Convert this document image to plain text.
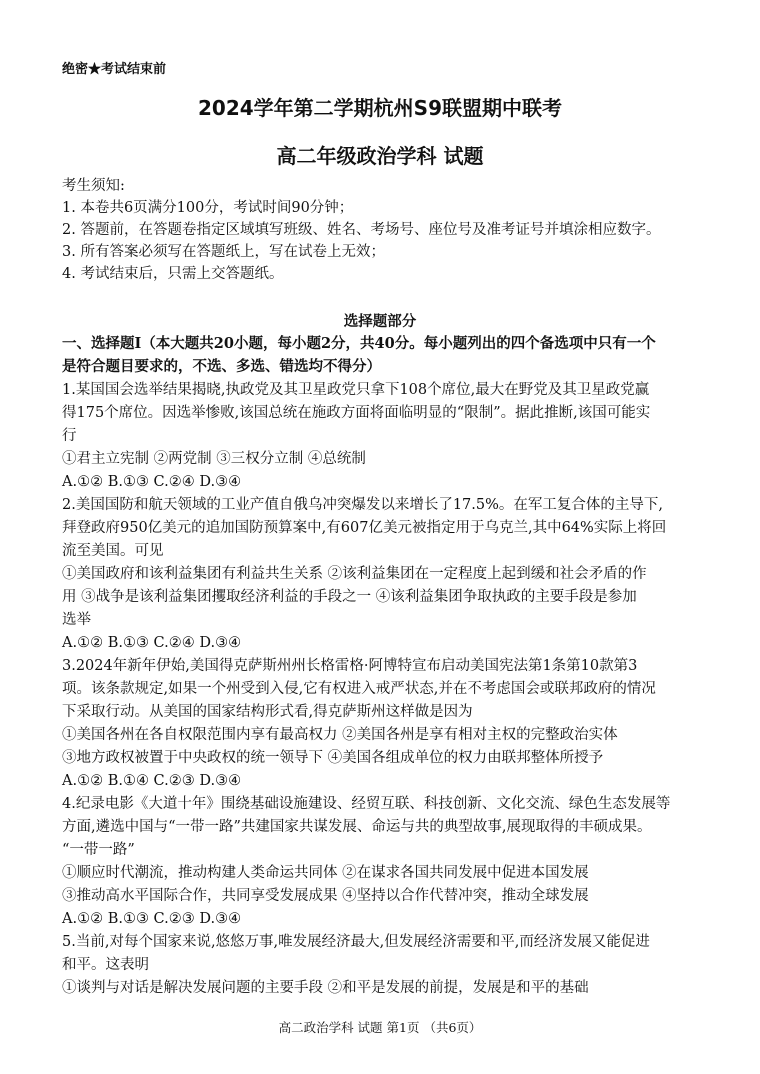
绝密★考试结束前
2024学年第二学期杭州S9联盟期中联考
高二年级政治学科 试题
考生须知:
1. 本卷共6页满分100分，考试时间90分钟；
2. 答题前，在答题卷指定区域填写班级、姓名、考场号、座位号及准考证号并填涂相应数字。
3. 所有答案必须写在答题纸上，写在试卷上无效；
4. 考试结束后，只需上交答题纸。
选择题部分
一、选择题Ⅰ（本大题共20小题，每小题2分，共40分。每小题列出的四个备选项中只有一个
是符合题目要求的，不选、多选、错选均不得分）
1.某国国会选举结果揭晓,执政党及其卫星政党只拿下108个席位,最大在野党及其卫星政党赢
得175个席位。因选举惨败,该国总统在施政方面将面临明显的“限制”。据此推断,该国可能实
行
①君主立宪制 ②两党制 ③三权分立制 ④总统制
A.①② B.①③ C.②④ D.③④
2.美国国防和航天领域的工业产值自俄乌冲突爆发以来增长了17.5%。在军工复合体的主导下,
拜登政府950亿美元的追加国防预算案中,有607亿美元被指定用于乌克兰,其中64%实际上将回
流至美国。可见
①美国政府和该利益集团有利益共生关系 ②该利益集团在一定程度上起到缓和社会矛盾的作
用 ③战争是该利益集团攫取经济利益的手段之一 ④该利益集团争取执政的主要手段是参加
选举
A.①② B.①③ C.②④ D.③④
3.2024年新年伊始,美国得克萨斯州州长格雷格·阿博特宣布启动美国宪法第1条第10款第3
项。该条款规定,如果一个州受到入侵,它有权进入戒严状态,并在不考虑国会或联邦政府的情况
下采取行动。从美国的国家结构形式看,得克萨斯州这样做是因为
①美国各州在各自权限范围内享有最高权力 ②美国各州是享有相对主权的完整政治实体
③地方政权被置于中央政权的统一领导下 ④美国各组成单位的权力由联邦整体所授予
A.①② B.①④ C.②③ D.③④
4.纪录电影《大道十年》围绕基础设施建设、经贸互联、科技创新、文化交流、绿色生态发展等
方面,遴选中国与“一带一路”共建国家共谋发展、命运与共的典型故事,展现取得的丰硕成果。
“一带一路”
①顺应时代潮流，推动构建人类命运共同体 ②在谋求各国共同发展中促进本国发展
③推动高水平国际合作，共同享受发展成果 ④坚持以合作代替冲突，推动全球发展
A.①② B.①③ C.②③ D.③④
5.当前,对每个国家来说,悠悠万事,唯发展经济最大,但发展经济需要和平,而经济发展又能促进
和平。这表明
①谈判与对话是解决发展问题的主要手段 ②和平是发展的前提，发展是和平的基础
高二政治学科 试题 第1页 （共6页）
